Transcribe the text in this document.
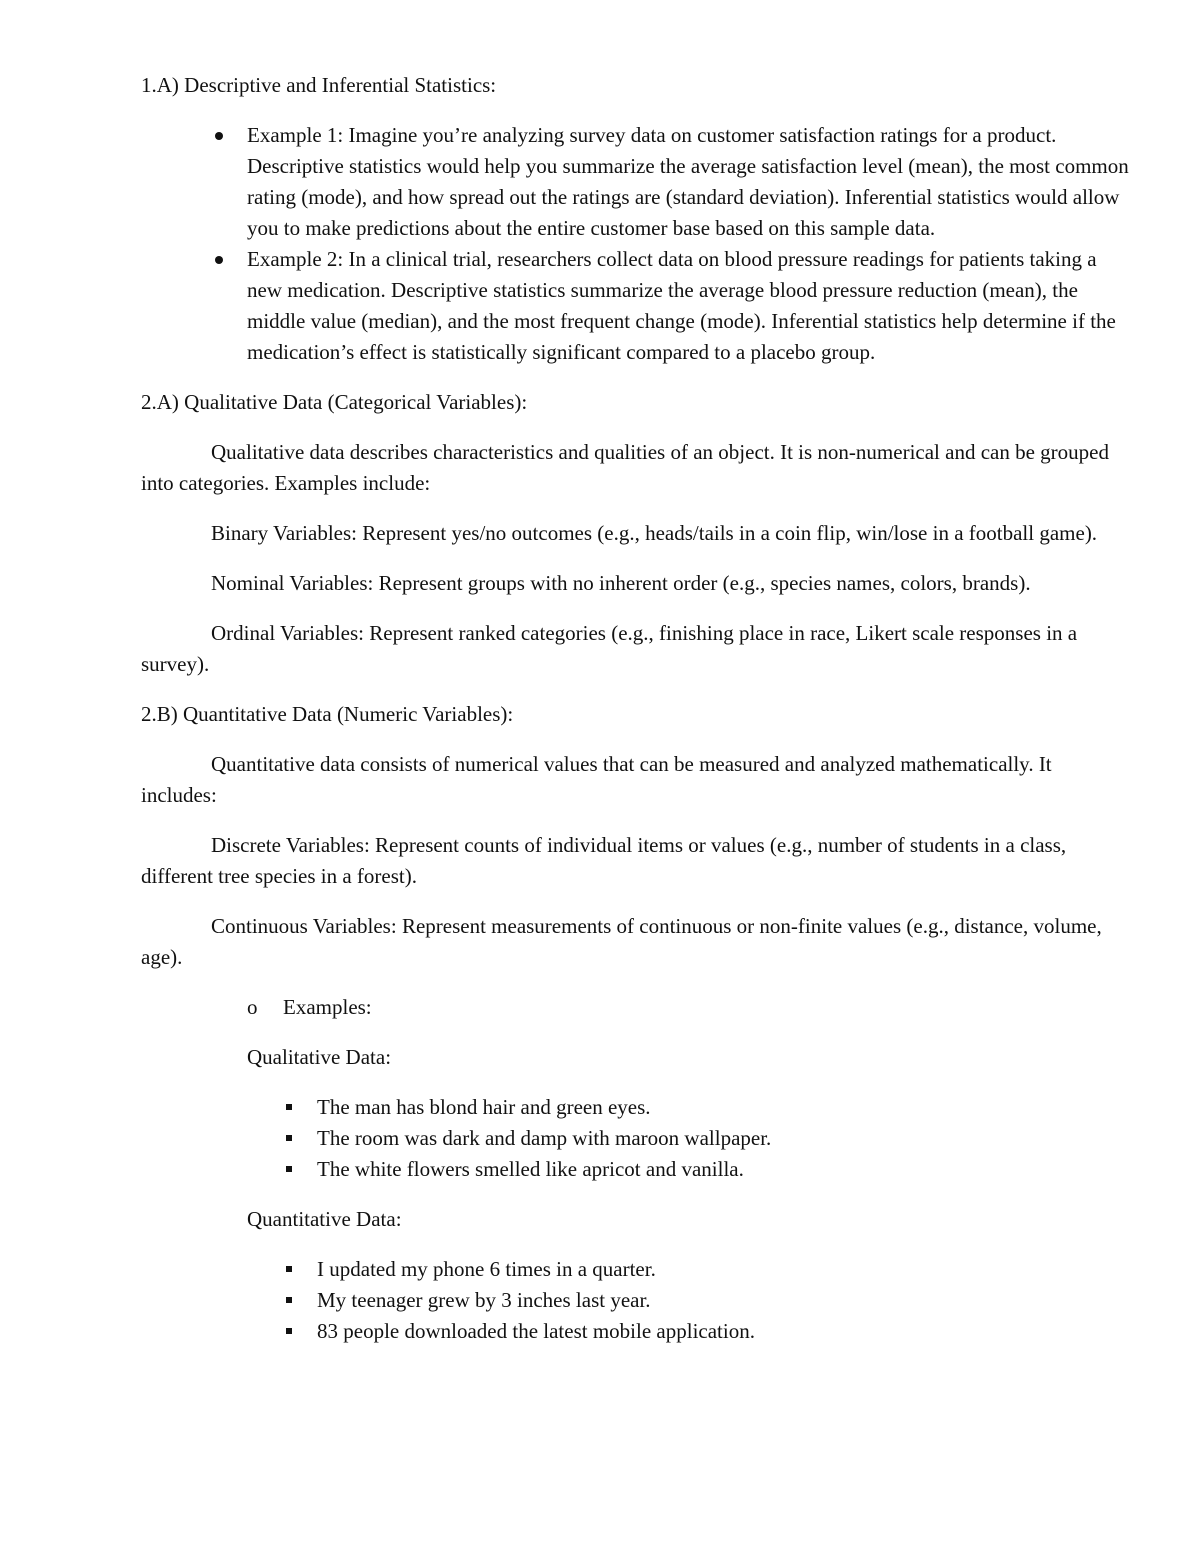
1.A) Descriptive and Inferential Statistics:

Example 1: Imagine you’re analyzing survey data on customer satisfaction ratings for a product. Descriptive statistics would help you summarize the average satisfaction level (mean), the most common rating (mode), and how spread out the ratings are (standard deviation). Inferential statistics would allow you to make predictions about the entire customer base based on this sample data.
Example 2: In a clinical trial, researchers collect data on blood pressure readings for patients taking a new medication. Descriptive statistics summarize the average blood pressure reduction (mean), the middle value (median), and the most frequent change (mode). Inferential statistics help determine if the medication’s effect is statistically significant compared to a placebo group.

2.A) Qualitative Data (Categorical Variables):

Qualitative data describes characteristics and qualities of an object. It is non-numerical and can be grouped into categories. Examples include:

Binary Variables: Represent yes/no outcomes (e.g., heads/tails in a coin flip, win/lose in a football game).

Nominal Variables: Represent groups with no inherent order (e.g., species names, colors, brands).

Ordinal Variables: Represent ranked categories (e.g., finishing place in race, Likert scale responses in a survey).

2.B) Quantitative Data (Numeric Variables):

Quantitative data consists of numerical values that can be measured and analyzed mathematically. It includes:

Discrete Variables: Represent counts of individual items or values (e.g., number of students in a class, different tree species in a forest).

Continuous Variables: Represent measurements of continuous or non-finite values (e.g., distance, volume, age).

o Examples:

Qualitative Data:

The man has blond hair and green eyes.
The room was dark and damp with maroon wallpaper.
The white flowers smelled like apricot and vanilla.

Quantitative Data:

I updated my phone 6 times in a quarter.
My teenager grew by 3 inches last year.
83 people downloaded the latest mobile application.
